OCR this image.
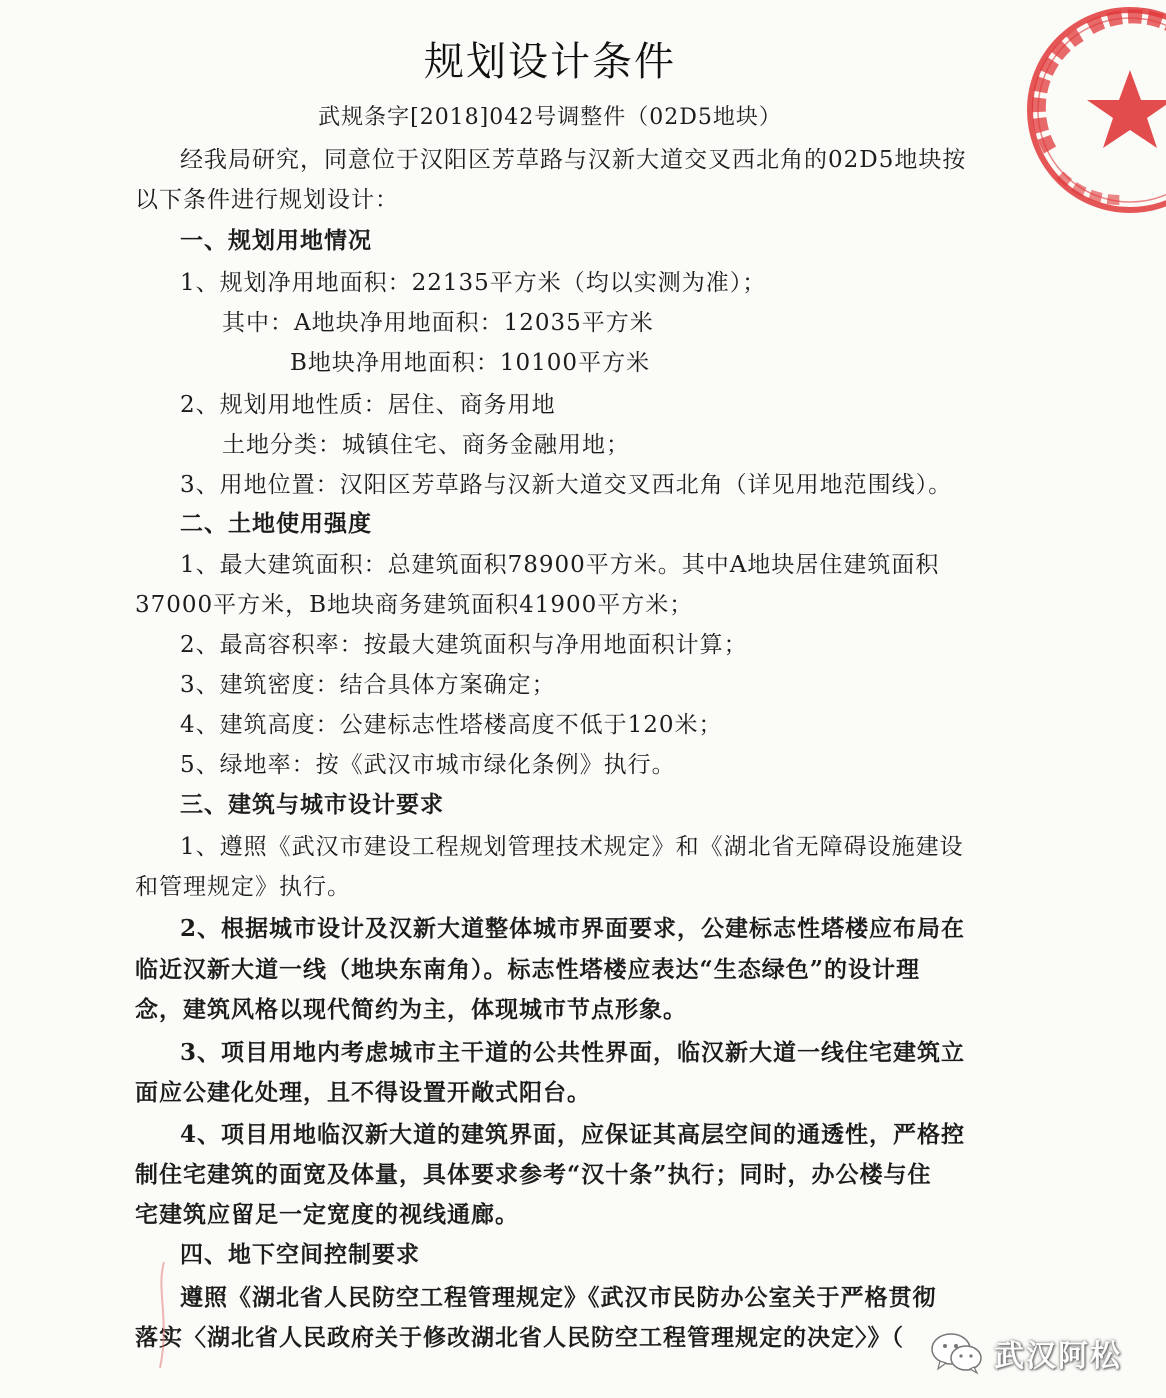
规划设计条件
武规条字[2018]042号调整件（02D5地块）
经我局研究，同意位于汉阳区芳草路与汉新大道交叉西北角的02D5地块按
以下条件进行规划设计：
一、规划用地情况
1、规划净用地面积：22135平方米（均以实测为准）；
其中：A地块净用地面积：12035平方米
B地块净用地面积：10100平方米
2、规划用地性质：居住、商务用地
土地分类：城镇住宅、商务金融用地；
3、用地位置：汉阳区芳草路与汉新大道交叉西北角（详见用地范围线）。
二、土地使用强度
1、最大建筑面积：总建筑面积78900平方米。其中A地块居住建筑面积
37000平方米，B地块商务建筑面积41900平方米；
2、最高容积率：按最大建筑面积与净用地面积计算；
3、建筑密度：结合具体方案确定；
4、建筑高度：公建标志性塔楼高度不低于120米；
5、绿地率：按《武汉市城市绿化条例》执行。
三、建筑与城市设计要求
1、遵照《武汉市建设工程规划管理技术规定》和《湖北省无障碍设施建设
和管理规定》执行。
2、根据城市设计及汉新大道整体城市界面要求，公建标志性塔楼应布局在
临近汉新大道一线（地块东南角）。标志性塔楼应表达“生态绿色”的设计理
念，建筑风格以现代简约为主，体现城市节点形象。
3、项目用地内考虑城市主干道的公共性界面，临汉新大道一线住宅建筑立
面应公建化处理，且不得设置开敞式阳台。
4、项目用地临汉新大道的建筑界面，应保证其高层空间的通透性，严格控
制住宅建筑的面宽及体量，具体要求参考“汉十条”执行；同时，办公楼与住
宅建筑应留足一定宽度的视线通廊。
四、地下空间控制要求
遵照《湖北省人民防空工程管理规定》《武汉市民防办公室关于严格贯彻
落实〈湖北省人民政府关于修改湖北省人民防空工程管理规定的决定〉》（
武汉阿松
